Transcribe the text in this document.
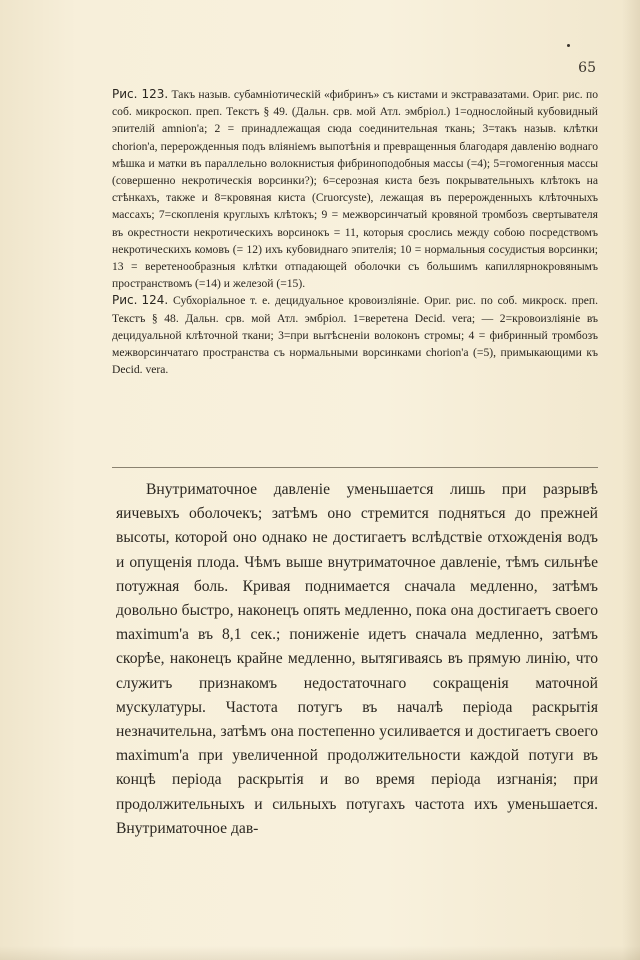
65

Рис. 123. Такъ назыв. субамніотическій «фибринъ» съ кистами и экстравазатами. Ориг. рис. по соб. микроскоп. преп. Текстъ § 49. (Дальн. срв. мой Атл. эмбріол.) 1=однослойный кубовидный эпителій amnion'а; 2 = принадлежащая сюда соединительная ткань; 3=такъ назыв. клѣтки chorion'а, перерожденныя подъ вліяніемъ выпотѣнія и превращенныя благодаря давленію воднаго мѣшка и матки въ параллельно волокнистыя фибриноподобныя массы (=4); 5=гомогенныя массы (совершенно некротическія ворсинки?); 6=серозная киста безъ покрывательныхъ клѣтокъ на стѣнкахъ, также и 8=кровяная киста (Cruorcyste), лежащая въ перерожденныхъ клѣточныхъ массахъ; 7=скопленія круглыхъ клѣтокъ; 9 = межворсинчатый кровяной тромбозъ свертывателя въ окрестности некротическихъ ворсинокъ = 11, которыя срослись между собою посредствомъ некротическихъ комовъ (= 12) ихъ кубовиднаго эпителія; 10 = нормальныя сосудистыя ворсинки; 13 = веретенообразныя клѣтки отпадающей оболочки съ большимъ капиллярнокровянымъ пространствомъ (=14) и железой (=15).

Рис. 124. Субхоріальное т. е. децидуальное кровоизліяніе. Ориг. рис. по соб. микроск. преп. Текстъ § 48. Дальн. срв. мой Атл. эмбріол. 1=веретена Decid. vera; — 2=кровоизліяніе въ децидуальной клѣточной ткани; 3=при вытѣсненіи волоконъ стромы; 4 = фибринный тромбозъ межворсинчатаго пространства съ нормальными ворсинками chorion'а (=5), примыкающими къ Decid. vera.

Внутриматочное давленіе уменьшается лишь при разрывѣ яичевыхъ оболочекъ; затѣмъ оно стремится подняться до прежней высоты, которой оно однако не достигаетъ вслѣдствіе отхожденія водъ и опущенія плода. Чѣмъ выше внутриматочное давленіе, тѣмъ сильнѣе потужная боль. Кривая поднимается сначала медленно, затѣмъ довольно быстро, наконецъ опять медленно, пока она достигаетъ своего maximum'а въ 8,1 сек.; пониженіе идетъ сначала медленно, затѣмъ скорѣе, наконецъ крайне медленно, вытягиваясь въ прямую линію, что служитъ признакомъ недостаточнаго сокращенія маточной мускулатуры. Частота потугъ въ началѣ періода раскрытія незначительна, затѣмъ она постепенно усиливается и достигаетъ своего maximum'а при увеличенной продолжительности каждой потуги въ концѣ періода раскрытія и во время періода изгнанія; при продолжительныхъ и сильныхъ потугахъ частота ихъ уменьшается. Внутриматочное дав-
